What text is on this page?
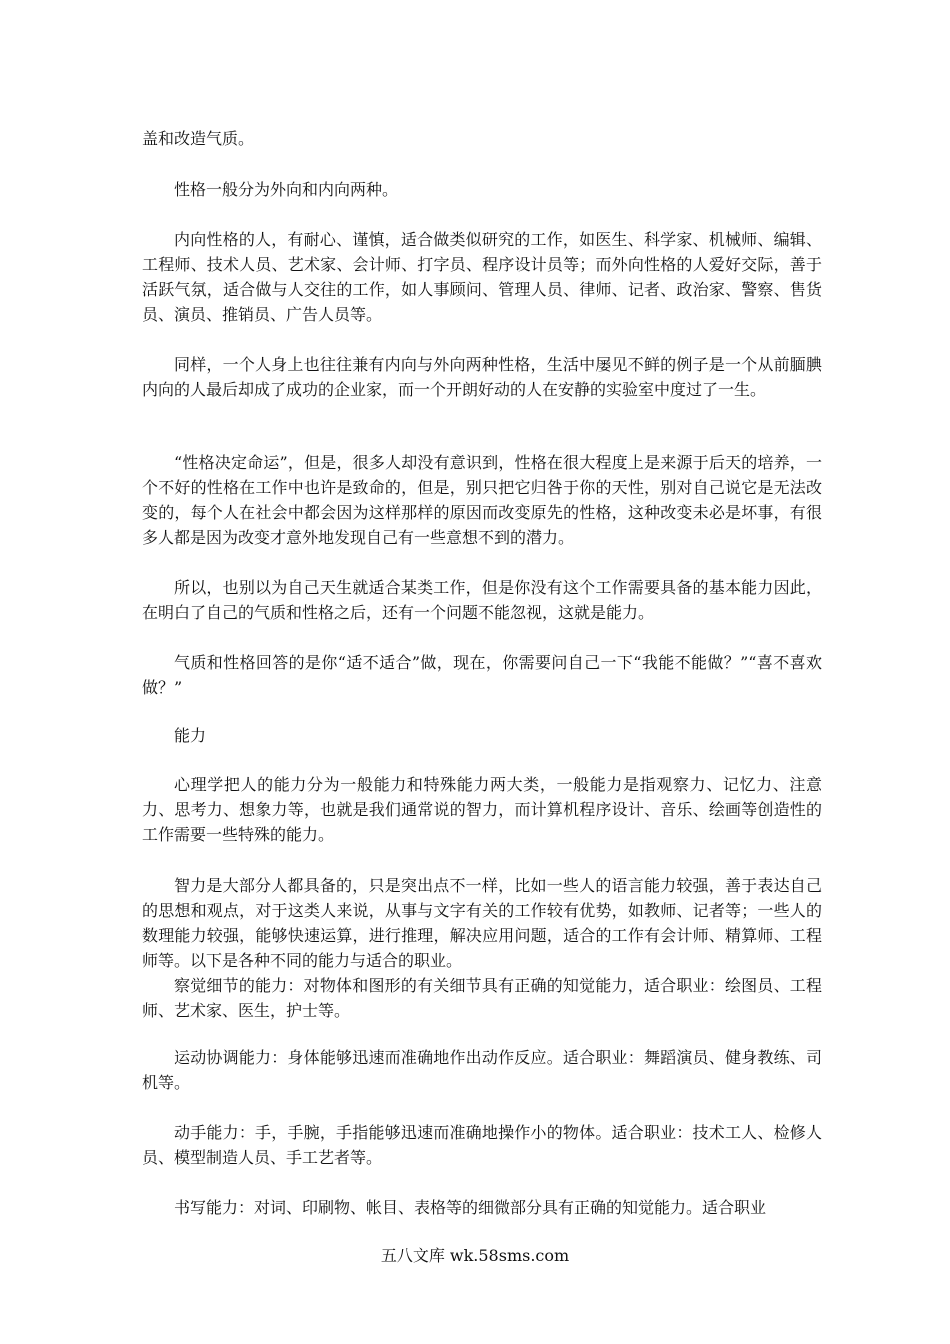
盖和改造气质。

性格一般分为外向和内向两种。

内向性格的人，有耐心、谨慎，适合做类似研究的工作，如医生、科学家、机械师、编辑、工程师、技术人员、艺术家、会计师、打字员、程序设计员等；而外向性格的人爱好交际，善于活跃气氛，适合做与人交往的工作，如人事顾问、管理人员、律师、记者、政治家、警察、售货员、演员、推销员、广告人员等。

同样，一个人身上也往往兼有内向与外向两种性格，生活中屡见不鲜的例子是一个从前腼腆内向的人最后却成了成功的企业家，而一个开朗好动的人在安静的实验室中度过了一生。

“性格决定命运”，但是，很多人却没有意识到，性格在很大程度上是来源于后天的培养，一个不好的性格在工作中也许是致命的，但是，别只把它归咎于你的天性，别对自己说它是无法改变的，每个人在社会中都会因为这样那样的原因而改变原先的性格，这种改变未必是坏事，有很多人都是因为改变才意外地发现自己有一些意想不到的潜力。

所以，也别以为自己天生就适合某类工作，但是你没有这个工作需要具备的基本能力因此，在明白了自己的气质和性格之后，还有一个问题不能忽视，这就是能力。

气质和性格回答的是你“适不适合”做，现在，你需要问自己一下“我能不能做？”“喜不喜欢做？”

能力

心理学把人的能力分为一般能力和特殊能力两大类，一般能力是指观察力、记忆力、注意力、思考力、想象力等，也就是我们通常说的智力，而计算机程序设计、音乐、绘画等创造性的工作需要一些特殊的能力。

智力是大部分人都具备的，只是突出点不一样，比如一些人的语言能力较强，善于表达自己的思想和观点，对于这类人来说，从事与文字有关的工作较有优势，如教师、记者等；一些人的数理能力较强，能够快速运算，进行推理，解决应用问题，适合的工作有会计师、精算师、工程师等。以下是各种不同的能力与适合的职业。

察觉细节的能力：对物体和图形的有关细节具有正确的知觉能力，适合职业：绘图员、工程师、艺术家、医生，护士等。

运动协调能力：身体能够迅速而准确地作出动作反应。适合职业：舞蹈演员、健身教练、司机等。

动手能力：手，手腕，手指能够迅速而准确地操作小的物体。适合职业：技术工人、检修人员、模型制造人员、手工艺者等。

书写能力：对词、印刷物、帐目、表格等的细微部分具有正确的知觉能力。适合职业

五八文库 wk.58sms.com
